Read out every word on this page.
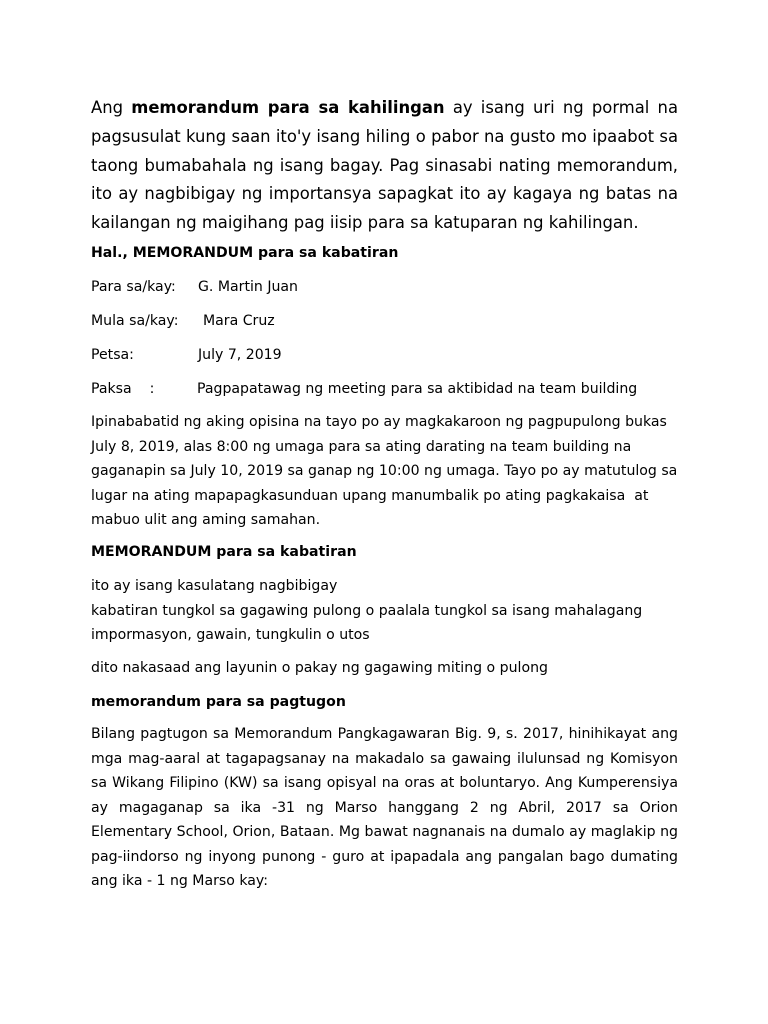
Ang memorandum para sa kahilingan ay isang uri ng pormal na pagsusulat kung saan ito'y isang hiling o pabor na gusto mo ipaabot sa taong bumabahala ng isang bagay. Pag sinasabi nating memorandum, ito ay nagbibigay ng importansya sapagkat ito ay kagaya ng batas na kailangan ng maigihang pag iisip para sa katuparan ng kahilingan.

Hal., MEMORANDUM para sa kabatiran

Para sa/kay: G. Martin Juan

Mula sa/kay: Mara Cruz

Petsa:	July 7, 2019

Paksa    :	Pagpapatawag ng meeting para sa aktibidad na team building

Ipinababatid ng aking opisina na tayo po ay magkakaroon ng pagpupulong bukas
July 8, 2019, alas 8:00 ng umaga para sa ating darating na team building na
gaganapin sa July 10, 2019 sa ganap ng 10:00 ng umaga. Tayo po ay matutulog sa
lugar na ating mapapagkasunduan upang manumbalik po ating pagkakaisa  at
mabuo ulit ang aming samahan.

MEMORANDUM para sa kabatiran

ito ay isang kasulatang nagbibigay
kabatiran tungkol sa gagawing pulong o paalala tungkol sa isang mahalagang
impormasyon, gawain, tungkulin o utos

dito nakasaad ang layunin o pakay ng gagawing miting o pulong

memorandum para sa pagtugon

Bilang pagtugon sa Memorandum Pangkagawaran Big. 9, s. 2017, hinihikayat ang mga mag-aaral at tagapagsanay na makadalo sa gawaing ilulunsad ng Komisyon sa Wikang Filipino (KW) sa isang opisyal na oras at boluntaryo. Ang Kumperensiya ay magaganap sa ika -31 ng Marso hanggang 2 ng Abril, 2017 sa Orion Elementary School, Orion, Bataan. Mg bawat nagnanais na dumalo ay maglakip ng pag-iindorso ng inyong punong - guro at ipapadala ang pangalan bago dumating ang ika - 1 ng Marso kay:
